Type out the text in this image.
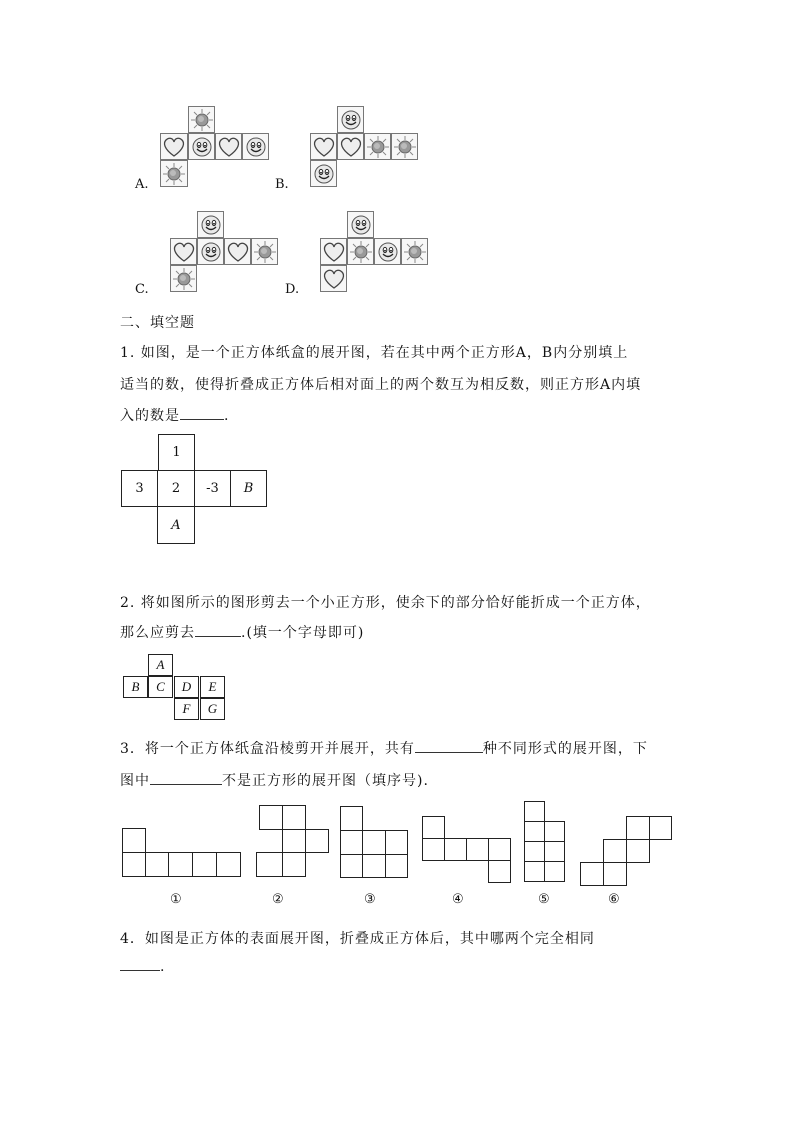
A.	B.
C.	D.
二、填空题
1. 如图，是一个正方体纸盒的展开图，若在其中两个正方形A，B内分别填上
适当的数，使得折叠成正方体后相对面上的两个数互为相反数，则正方形A内填
入的数是	.
1
3	2	-3	B
A
2. 将如图所示的图形剪去一个小正方形，使余下的部分恰好能折成一个正方体，
那么应剪去	.(填一个字母即可)
A
B	C	D	E
F	G
3．将一个正方体纸盒沿棱剪开并展开，共有	种不同形式的展开图，下
图中	不是正方形的展开图（填序号).
①	②	③	④	⑤	⑥
4．如图是正方体的表面展开图，折叠成正方体后，其中哪两个完全相同
.
